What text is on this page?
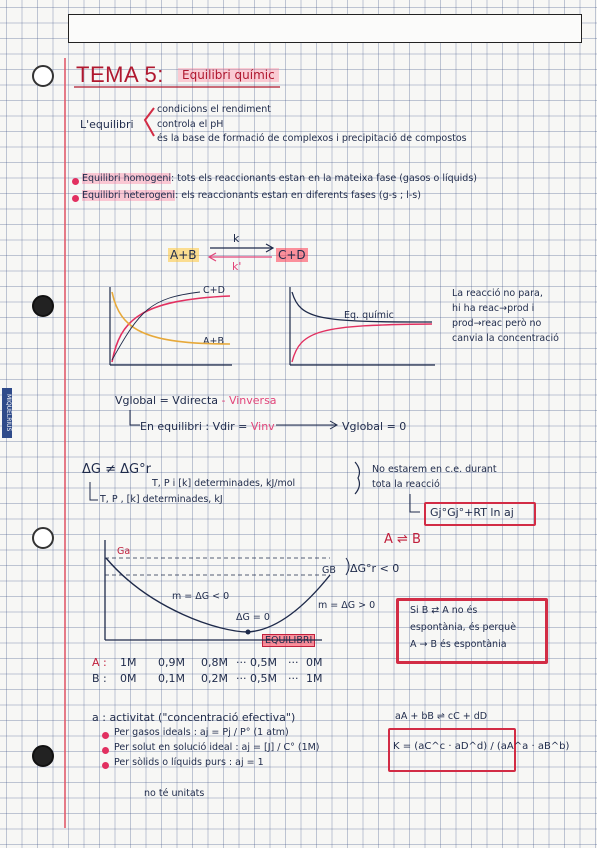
MIQUELRIUS
TEMA 5:	Equilibri químic
L'equilibri
condicions el rendiment
controla el pH
és la base de formació de complexos i precipitació de compostos
Equilibri homogeni: tots els reaccionants estan en la mateixa fase (gasos o líquids)
Equilibri heterogeni: els reaccionants estan en diferents fases (g-s ; l-s)
A+B	C+D
k
k'
C+D
A+B
Eq. químic
La reacció no para,
hi ha reac→prod i
prod→reac però no
canvia la concentració
Vglobal = Vdirecta - Vinversa
En equilibri : Vdir = Vinv	Vglobal = 0
ΔG ≠ ΔG°r
T, P i [k] determinades, kJ/mol
T, P , [k] determinades, kJ
No estarem en c.e. durant
tota la reacció
Gj°Gj°+RT ln aj
A ⇌ B
Ga
GB ΔG°r < 0
m = ΔG < 0
m = ΔG > 0
ΔG = 0
EQUILIBRI
Si B ⇄ A no és
espontània, és perquè
A → B és espontània
A : 1M 0,9M 0,8M ··· 0,5M ··· 0M
B : 0M 0,1M 0,2M ··· 0,5M ··· 1M
a : activitat ("concentració efectiva")
Per gasos ideals : aj = Pj / P° (1 atm)
Per solut en solució ideal : aj = [J] / C° (1M)
Per sòlids o líquids purs : aj = 1
no té unitats
aA + bB ⇌ cC + dD
K = (aC^c · aD^d) / (aA^a · aB^b)
